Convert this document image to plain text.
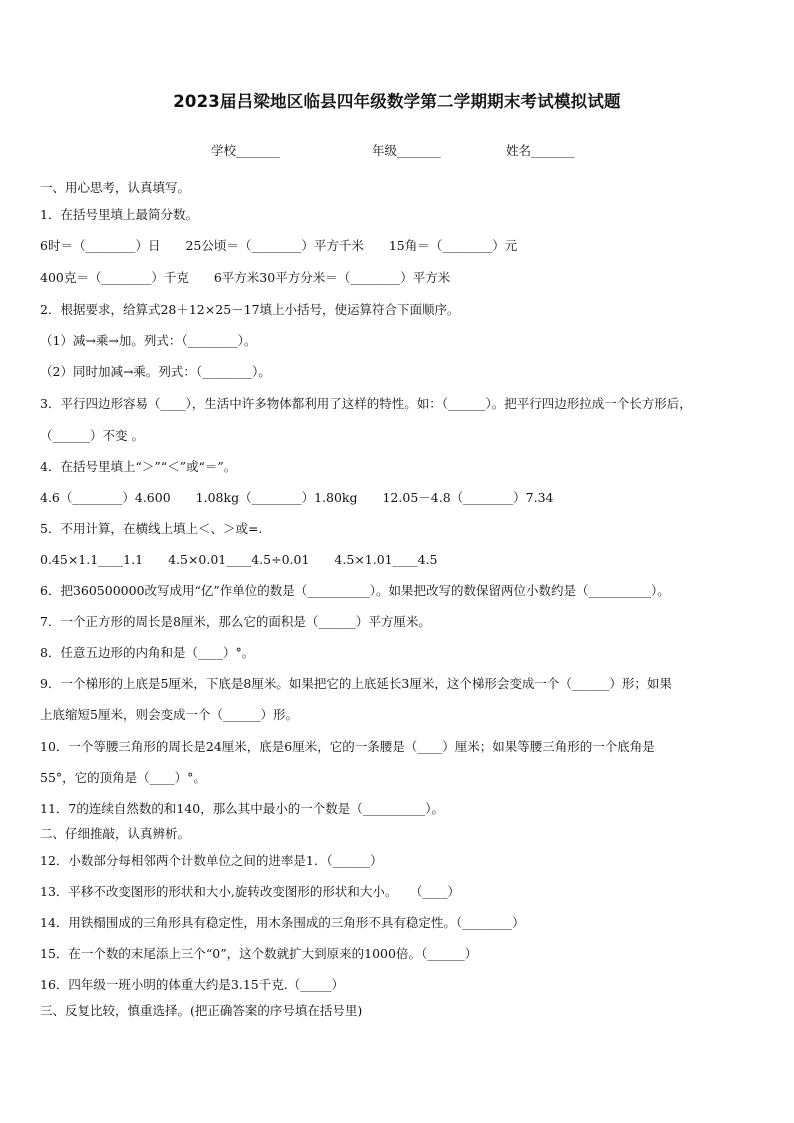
2023届吕梁地区临县四年级数学第二学期期末考试模拟试题
学校_______	年级_______	姓名_______
一、用心思考，认真填写。
1．在括号里填上最简分数。
6时＝（________）日　　25公顷＝（________）平方千米　　15角＝（________）元
400克＝（________）千克　　6平方米30平方分米＝（________）平方米
2．根据要求，给算式28＋12×25－17填上小括号，使运算符合下面顺序。
（1）减→乘→加。列式：（________）。
（2）同时加减→乘。列式：（________）。
3．平行四边形容易（____），生活中许多物体都利用了这样的特性。如：（______）。把平行四边形拉成一个长方形后，
（______）不变 。
4．在括号里填上“＞”“＜”或“＝”。
4.6（________）4.600　　1.08kg（________）1.80kg　　12.05－4.8（________）7.34
5．不用计算，在横线上填上＜、＞或=.
0.45×1.1____1.1　　4.5×0.01____4.5÷0.01　　4.5×1.01____4.5
6．把360500000改写成用“亿”作单位的数是（__________）。如果把改写的数保留两位小数约是（__________）。
7．一个正方形的周长是8厘米，那么它的面积是（______）平方厘米。
8．任意五边形的内角和是（____）°。
9．一个梯形的上底是5厘米，下底是8厘米。如果把它的上底延长3厘米，这个梯形会变成一个（______）形；如果
上底缩短5厘米，则会变成一个（______）形。
10．一个等腰三角形的周长是24厘米，底是6厘米，它的一条腰是（____）厘米；如果等腰三角形的一个底角是
55°，它的顶角是（____）°。
11．7的连续自然数的和140，那么其中最小的一个数是（__________）。
二、仔细推敲，认真辨析。
12．小数部分每相邻两个计数单位之间的进率是1．（______）
13．平移不改变图形的形状和大小,旋转改变图形的形状和大小。　　（____）
14．用铁榻围成的三角形具有稳定性，用木条围成的三角形不具有稳定性。（________）
15．在一个数的末尾添上三个“0”，这个数就扩大到原来的1000倍。（______）
16．四年级一班小明的体重大约是3.15千克.（_____）
三、反复比较，慎重选择。(把正确答案的序号填在括号里)
